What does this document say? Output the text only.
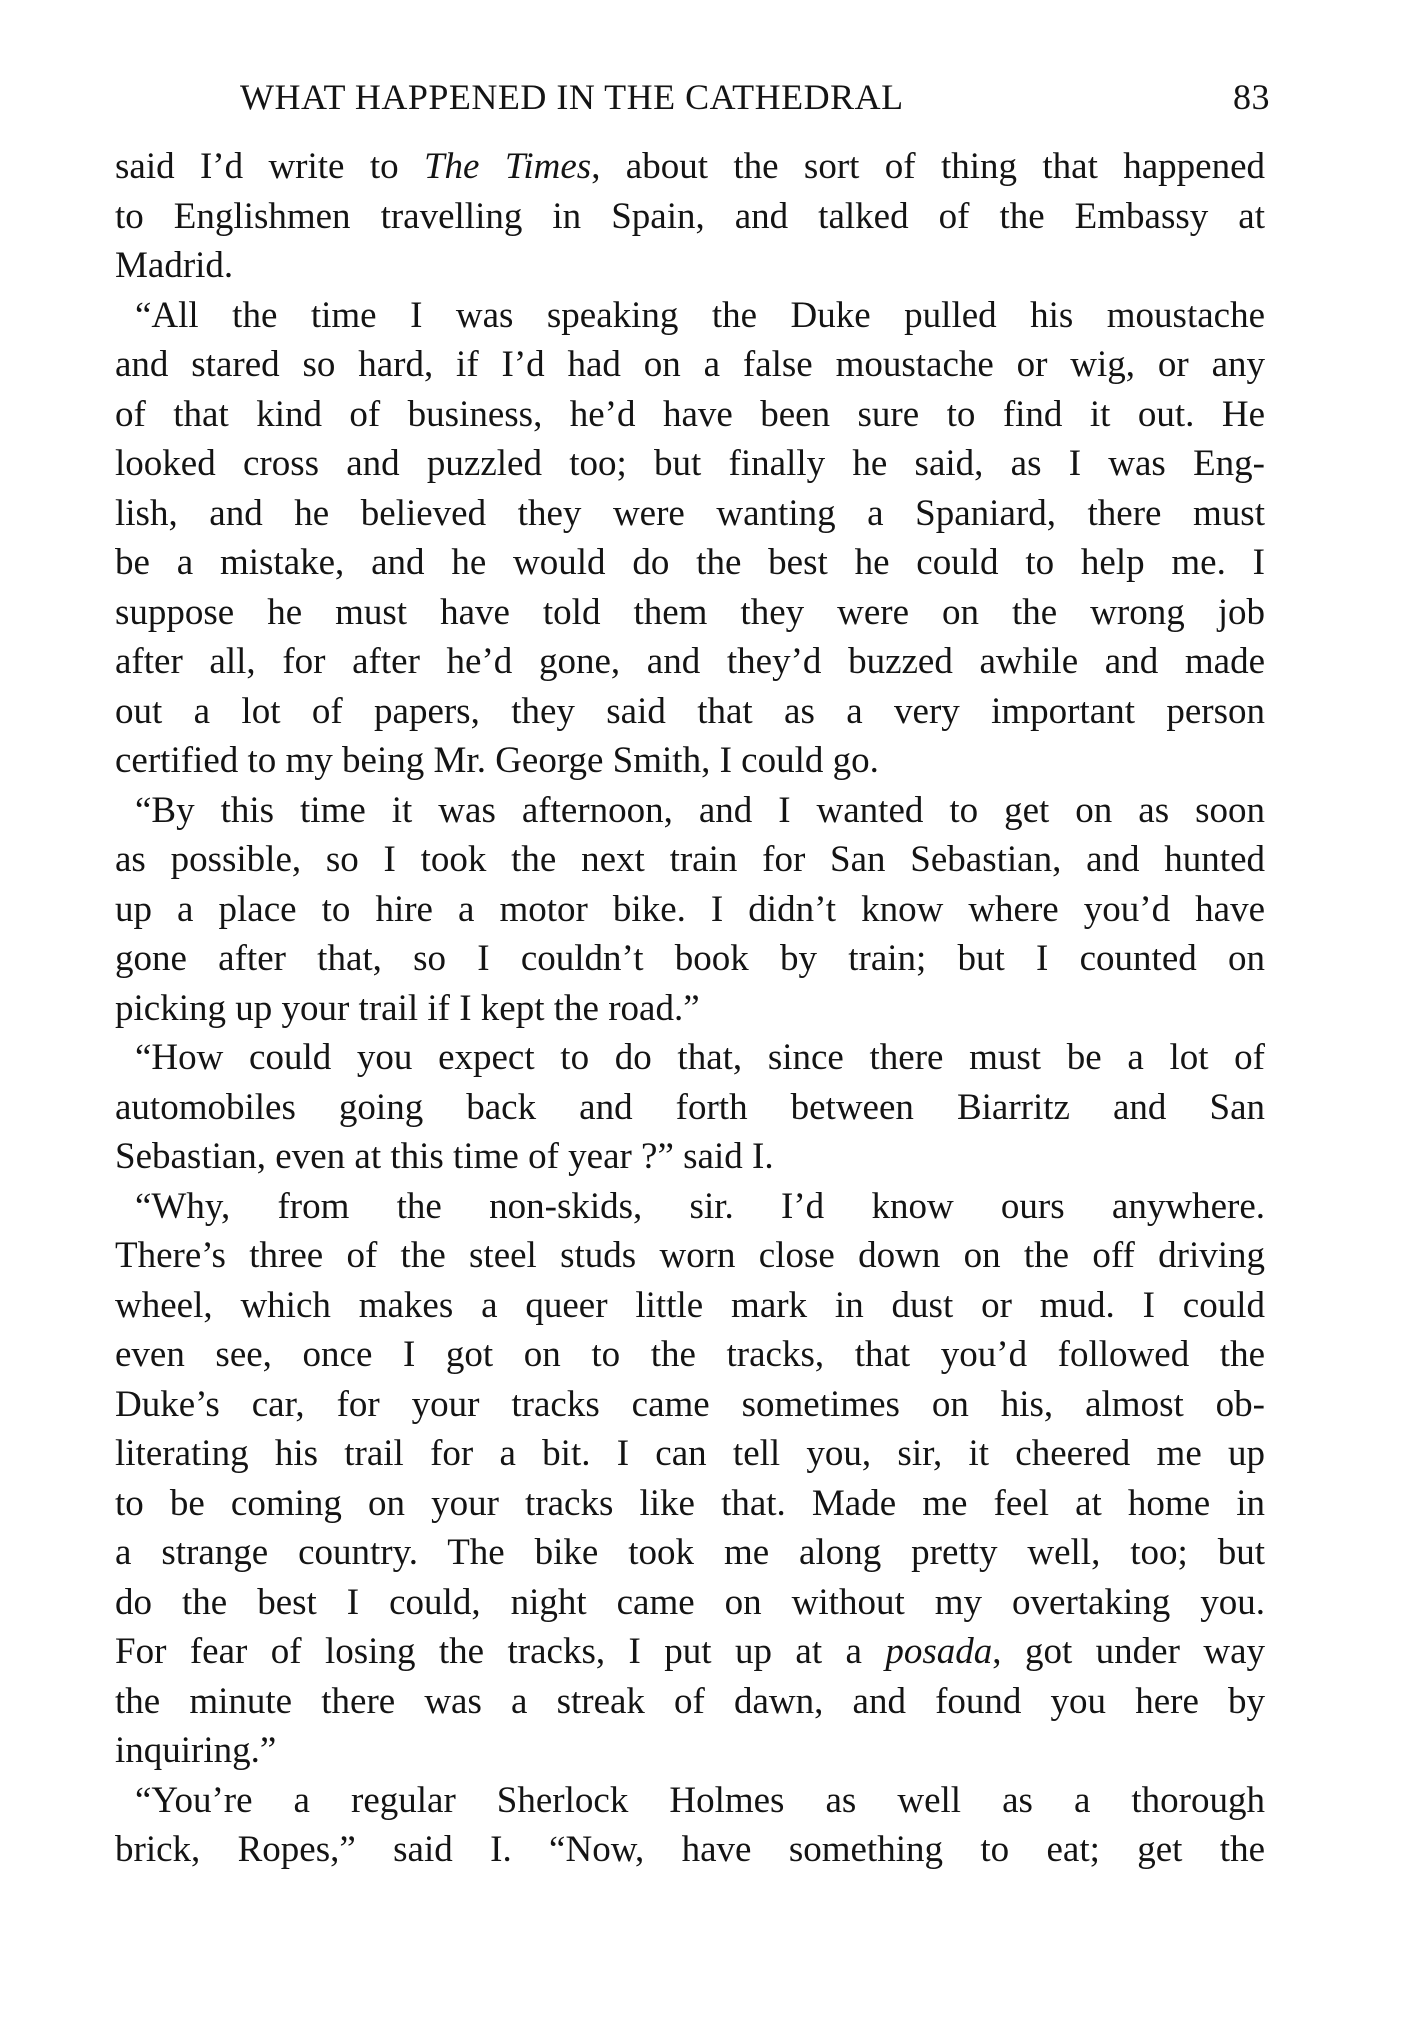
WHAT HAPPENED IN THE CATHEDRAL	83
said I’d write to The Times, about the sort of thing that happened
to Englishmen travelling in Spain, and talked of the Embassy at
Madrid.
“All the time I was speaking the Duke pulled his moustache
and stared so hard, if I’d had on a false moustache or wig, or any
of that kind of business, he’d have been sure to find it out. He
looked cross and puzzled too; but finally he said, as I was Eng-
lish, and he believed they were wanting a Spaniard, there must
be a mistake, and he would do the best he could to help me. I
suppose he must have told them they were on the wrong job
after all, for after he’d gone, and they’d buzzed awhile and made
out a lot of papers, they said that as a very important person
certified to my being Mr. George Smith, I could go.
“By this time it was afternoon, and I wanted to get on as soon
as possible, so I took the next train for San Sebastian, and hunted
up a place to hire a motor bike. I didn’t know where you’d have
gone after that, so I couldn’t book by train; but I counted on
picking up your trail if I kept the road.”
“How could you expect to do that, since there must be a lot of
automobiles going back and forth between Biarritz and San
Sebastian, even at this time of year ?” said I.
“Why, from the non-skids, sir. I’d know ours anywhere.
There’s three of the steel studs worn close down on the off driving
wheel, which makes a queer little mark in dust or mud. I could
even see, once I got on to the tracks, that you’d followed the
Duke’s car, for your tracks came sometimes on his, almost ob-
literating his trail for a bit. I can tell you, sir, it cheered me up
to be coming on your tracks like that. Made me feel at home in
a strange country. The bike took me along pretty well, too; but
do the best I could, night came on without my overtaking you.
For fear of losing the tracks, I put up at a posada, got under way
the minute there was a streak of dawn, and found you here by
inquiring.”
“You’re a regular Sherlock Holmes as well as a thorough
brick, Ropes,” said I. “Now, have something to eat; get the
